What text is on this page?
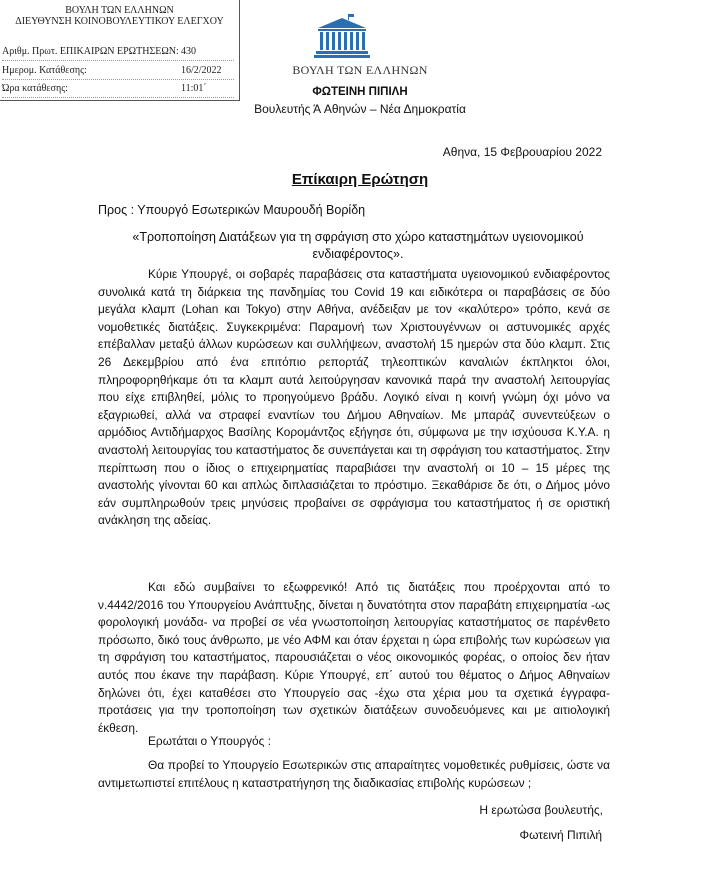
ΒΟΥΛΗ ΤΩΝ ΕΛΛΗΝΩΝ
ΔΙΕΥΘΥΝΣΗ ΚΟΙΝΟΒΟΥΛΕΥΤΙΚΟΥ ΕΛΕΓΧΟΥ
Αριθμ. Πρωτ. ΕΠΙΚΑΙΡΩΝ ΕΡΩΤΗΣΕΩΝ: 430
Ημερομ. Κατάθεσης:	16/2/2022
Ώρα κατάθεσης:	11:01΄
ΒΟΥΛΗ ΤΩΝ ΕΛΛΗΝΩΝ
ΦΩΤΕΙΝΗ ΠΙΠΙΛΗ
Βουλευτής Ά Αθηνών – Νέα Δημοκρατία
Αθηνα, 15 Φεβρουαρίου 2022
Επίκαιρη Ερώτηση
Προς : Υπουργό Εσωτερικών Μαυρουδή Βορίδη
«Τροποποίηση Διατάξεων για τη σφράγιση στο χώρο καταστημάτων υγειονομικού ενδιαφέροντος».
Κύριε Υπουργέ, οι σοβαρές παραβάσεις στα καταστήματα υγειονομικού ενδιαφέροντος συνολικά κατά τη διάρκεια της πανδημίας του Covid 19 και ειδικότερα οι παραβάσεις σε δύο μεγάλα κλαμπ (Lohan και Tokyo) στην Αθήνα, ανέδειξαν με τον «καλύτερο» τρόπο, κενά σε νομοθετικές διατάξεις. Συγκεκριμένα: Παραμονή των Χριστουγέννων οι αστυνομικές αρχές επέβαλλαν μεταξύ άλλων κυρώσεων και συλλήψεων, αναστολή 15 ημερών στα δύο κλαμπ. Στις 26 Δεκεμβρίου από ένα επιτόπιο ρεπορτάζ τηλεοπτικών καναλιών έκπληκτοι όλοι, πληροφορηθήκαμε ότι τα κλαμπ αυτά λειτούργησαν κανονικά παρά την αναστολή λειτουργίας που είχε επιβληθεί, μόλις το προηγούμενο βράδυ. Λογικό είναι η κοινή γνώμη όχι μόνο να εξαγριωθεί, αλλά να στραφεί εναντίων του Δήμου Αθηναίων. Με μπαράζ συνεντεύξεων ο αρμόδιος Αντιδήμαρχος Βασίλης Κορομάντζος εξήγησε ότι, σύμφωνα με την ισχύουσα Κ.Υ.Α. η αναστολή λειτουργίας του καταστήματος δε συνεπάγεται και τη σφράγιση του καταστήματος. Στην περίπτωση που ο ίδιος ο επιχειρηματίας παραβιάσει την αναστολή οι 10 – 15 μέρες της αναστολής γίνονται 60 και απλώς διπλασιάζεται το πρόστιμο. Ξεκαθάρισε δε ότι, ο Δήμος μόνο εάν συμπληρωθούν τρεις μηνύσεις προβαίνει σε σφράγισμα του καταστήματος ή σε οριστική ανάκληση της αδείας.
Και εδώ συμβαίνει το εξωφρενικό! Από τις διατάξεις που προέρχονται από το ν.4442/2016 του Υπουργείου Ανάπτυξης, δίνεται η δυνατότητα στον παραβάτη επιχειρηματία -ως φορολογική μονάδα- να προβεί σε νέα γνωστοποίηση λειτουργίας καταστήματος σε παρένθετο πρόσωπο, δικό τους άνθρωπο, με νέο ΑΦΜ και όταν έρχεται η ώρα επιβολής των κυρώσεων για τη σφράγιση του καταστήματος, παρουσιάζεται ο νέος οικονομικός φορέας, ο οποίος δεν ήταν αυτός που έκανε την παράβαση. Κύριε Υπουργέ, επ΄ αυτού του θέματος ο Δήμος Αθηναίων δηλώνει ότι, έχει καταθέσει στο Υπουργείο σας -έχω στα χέρια μου τα σχετικά έγγραφα- προτάσεις για την τροποποίηση των σχετικών διατάξεων συνοδευόμενες και με αιτιολογική έκθεση.
Ερωτάται ο Υπουργός :
Θα προβεί το Υπουργείο Εσωτερικών στις απαραίτητες νομοθετικές ρυθμίσεις, ώστε να αντιμετωπιστεί επιτέλους η καταστρατήγηση της διαδικασίας επιβολής κυρώσεων ;
Η ερωτώσα βουλευτής,
Φωτεινή Πιπιλή
